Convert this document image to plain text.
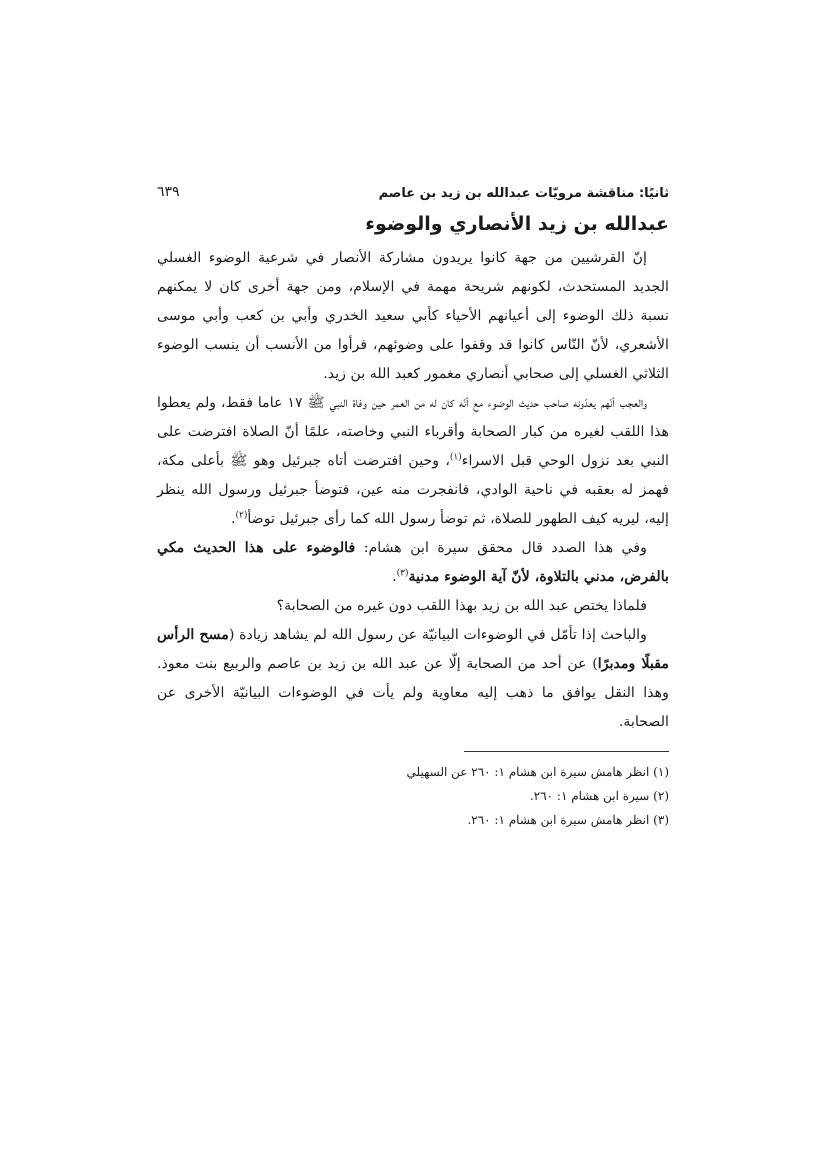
ثانيًا: مناقشة مرويّات عبدالله بن زيد بن عاصم
٦٣٩
عبدالله بن زيد الأنصاري والوضوء

إنّ القرشيين من جهة كانوا يريدون مشاركة الأنصار في شرعية الوضوء الغسلي الجديد المستحدث، لكونهم شريحة مهمة في الإسلام، ومن جهة أخرى كان لا يمكنهم نسبة ذلك الوضوء إلى أعيانهم الأحياء كأبي سعيد الخدري وأبي بن كعب وأبي موسى الأشعري، لأنّ النّاس كانوا قد وقفوا على وضوئهم، فرأوا من الأنسب أن ينسب الوضوء الثلاثي الغسلي إلى صحابي أنصاري مغمور كعبد الله بن زيد.

والعجب أنّهم يعدّونه صاحب حديث الوضوء مع أنّه كان له من العمر حين وفاة النبي ﷺ ١٧ عاما فقط، ولم يعطوا هذا اللقب لغيره من كبار الصحابة وأقرباء النبي وخاصته، علمًا أنّ الصلاة افترضت على النبي بعد نزول الوحي قبل الاسراء$^{(١)}$، وحين افترضت أتاه جبرئيل وهو ﷺ بأعلى مكة، فهمز له بعقبه في ناحية الوادي، فانفجرت منه عين، فتوضأ جبرئيل ورسول الله ينظر إليه، ليريه كيف الطهور للصلاة، ثم توضأ رسول الله كما رأى جبرئيل توضأ$^{(٢)}$.

وفي هذا الصدد قال محقق سيرة ابن هشام: فالوضوء على هذا الحديث مكي بالفرض، مدني بالتلاوة، لأنّ آية الوضوء مدنية$^{(٣)}$.

فلماذا يختص عبد الله بن زيد بهذا اللقب دون غيره من الصحابة؟

والباحث إذا تأمّل في الوضوءات البيانيّة عن رسول الله لم يشاهد زيادة (مسح الرأس مقبلًا ومدبرًا) عن أحد من الصحابة إلّا عن عبد الله بن زيد بن عاصم والربيع بنت معوذ. وهذا النقل يوافق ما ذهب إليه معاوية ولم يأت في الوضوءات البيانيّة الأخرى عن الصحابة.

(١) انظر هامش سيرة ابن هشام ١: ٢٦٠ عن السهيلي

(٢) سيرة ابن هشام ١: ٢٦٠.

(٣) انظر هامش سيرة ابن هشام ١: ٢٦٠.
